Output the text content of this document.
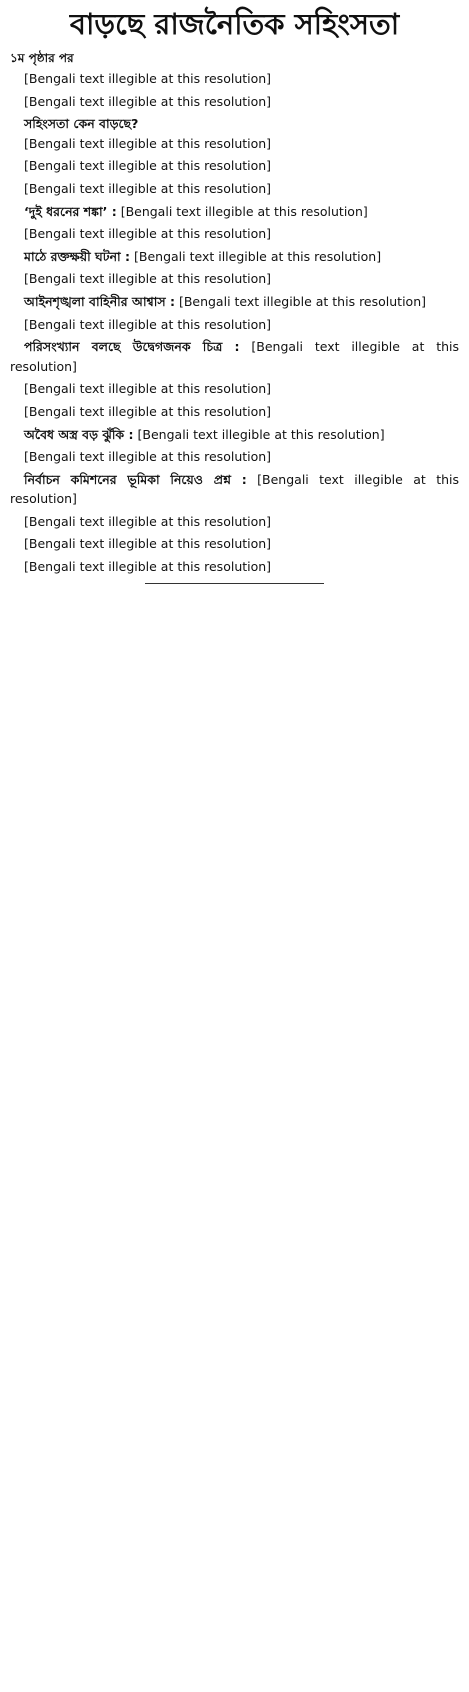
বাড়ছে রাজনৈতিক সহিংসতা
১ম পৃষ্ঠার পর

[Bengali text illegible at this resolution]

[Bengali text illegible at this resolution]

সহিংসতা কেন বাড়ছে?

[Bengali text illegible at this resolution]

[Bengali text illegible at this resolution]

[Bengali text illegible at this resolution]

‘দুই ধরনের শঙ্কা’ : [Bengali text illegible at this resolution]

[Bengali text illegible at this resolution]

মাঠে রক্তক্ষয়ী ঘটনা : [Bengali text illegible at this resolution]

[Bengali text illegible at this resolution]

আইনশৃঙ্খলা বাহিনীর আশ্বাস : [Bengali text illegible at this resolution]

[Bengali text illegible at this resolution]

পরিসংখ্যান বলছে উদ্বেগজনক চিত্র : [Bengali text illegible at this resolution]

[Bengali text illegible at this resolution]

[Bengali text illegible at this resolution]

অবৈধ অস্ত্র বড় ঝুঁকি : [Bengali text illegible at this resolution]

[Bengali text illegible at this resolution]

নির্বাচন কমিশনের ভূমিকা নিয়েও প্রশ্ন : [Bengali text illegible at this resolution]

[Bengali text illegible at this resolution]

[Bengali text illegible at this resolution]

[Bengali text illegible at this resolution]
